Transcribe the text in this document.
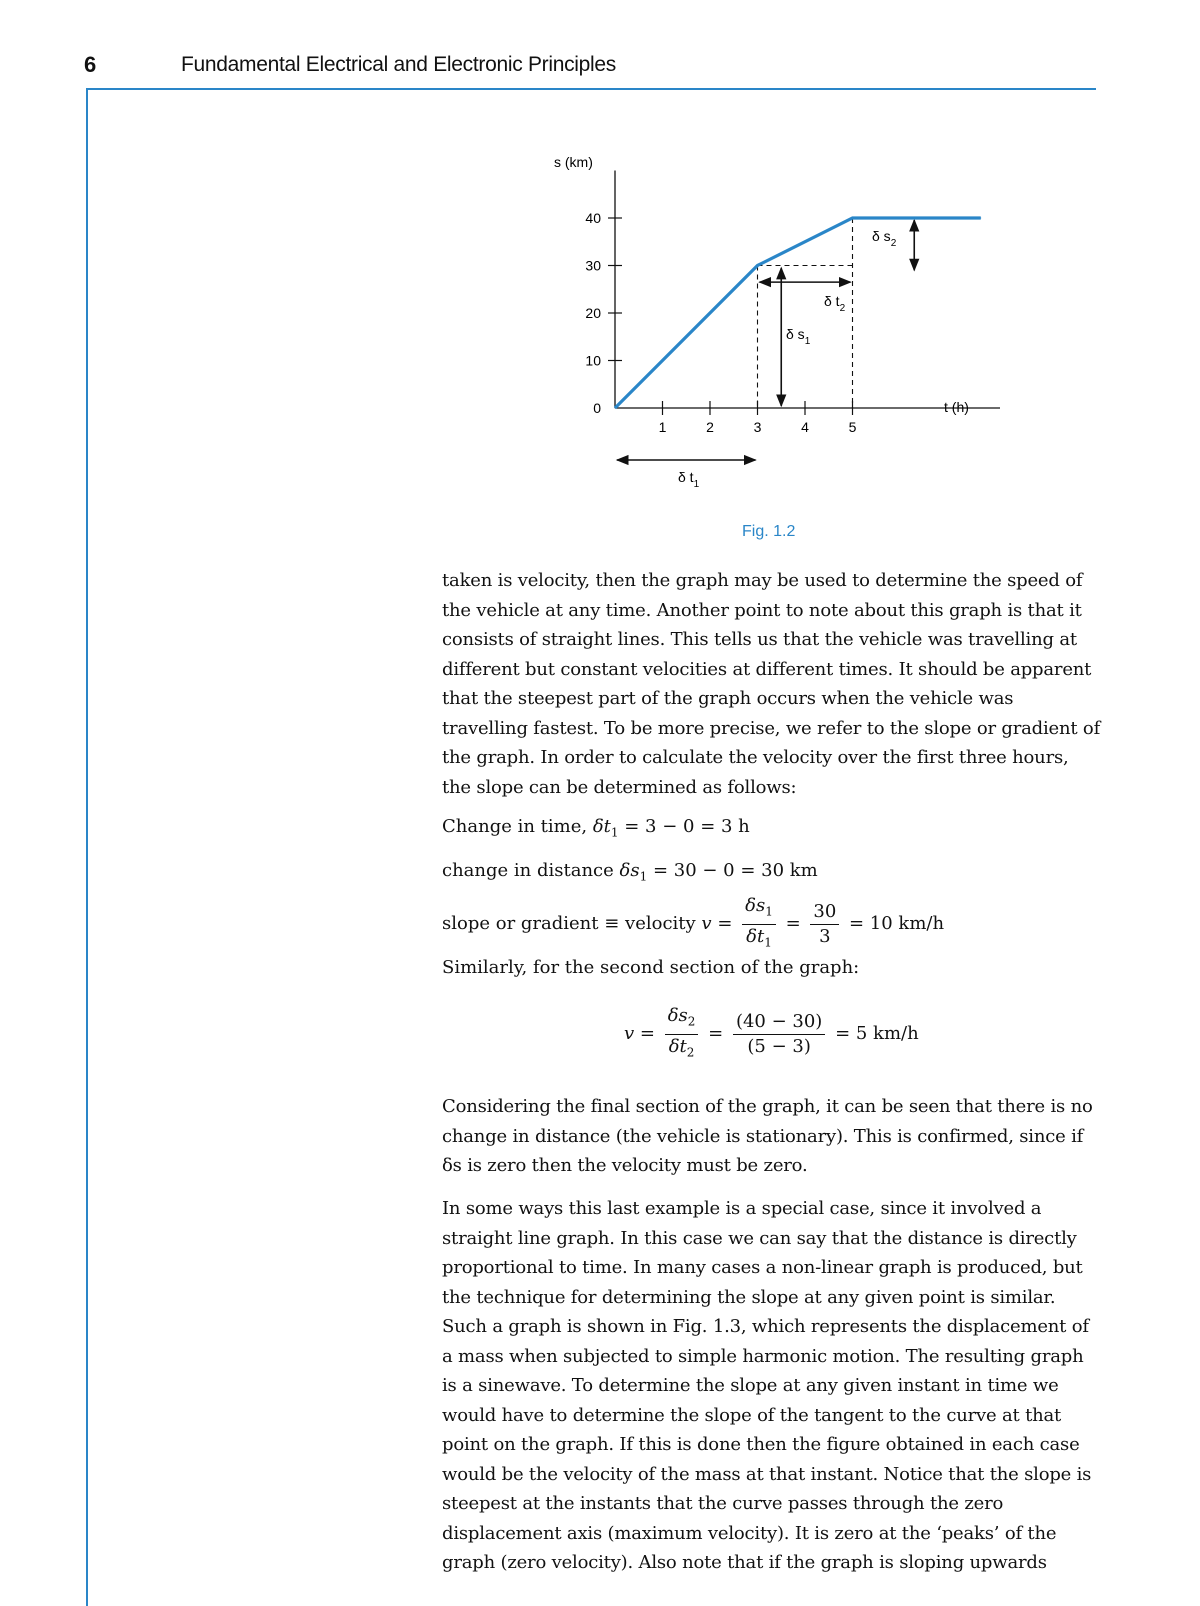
6	Fundamental Electrical and Electronic Principles
0
10
20
30
40
1	2	3	4	5
s (km)
t (h)
δ $s_1$
δ $s_2$
δ $t_1$
δ $t_2$
Fig. 1.2

taken is velocity, then the graph may be used to determine the speed of the vehicle at any time. Another point to note about this graph is that it consists of straight lines. This tells us that the vehicle was travelling at different but constant velocities at different times. It should be apparent that the steepest part of the graph occurs when the vehicle was travelling fastest. To be more precise, we refer to the slope or gradient of the graph. In order to calculate the velocity over the first three hours, the slope can be determined as follows:

Change in time, $\delta t_1 = 3 - 0 = 3$ h
change in distance $\delta s_1 = 30 - 0 = 30$ km
slope or gradient ≡ velocity $v = \frac{\delta s_1}{\delta t_1} = \frac{30}{3} = 10$ km/h
Similarly, for the second section of the graph:
$v = \frac{\delta s_2}{\delta t_2} = \frac{(40 - 30)}{(5 - 3)} = 5$ km/h

Considering the final section of the graph, it can be seen that there is no change in distance (the vehicle is stationary). This is confirmed, since if δs is zero then the velocity must be zero.

In some ways this last example is a special case, since it involved a straight line graph. In this case we can say that the distance is directly proportional to time. In many cases a non-linear graph is produced, but the technique for determining the slope at any given point is similar. Such a graph is shown in Fig. 1.3, which represents the displacement of a mass when subjected to simple harmonic motion. The resulting graph is a sinewave. To determine the slope at any given instant in time we would have to determine the slope of the tangent to the curve at that point on the graph. If this is done then the figure obtained in each case would be the velocity of the mass at that instant. Notice that the slope is steepest at the instants that the curve passes through the zero displacement axis (maximum velocity). It is zero at the ‘peaks’ of the graph (zero velocity). Also note that if the graph is sloping upwards
